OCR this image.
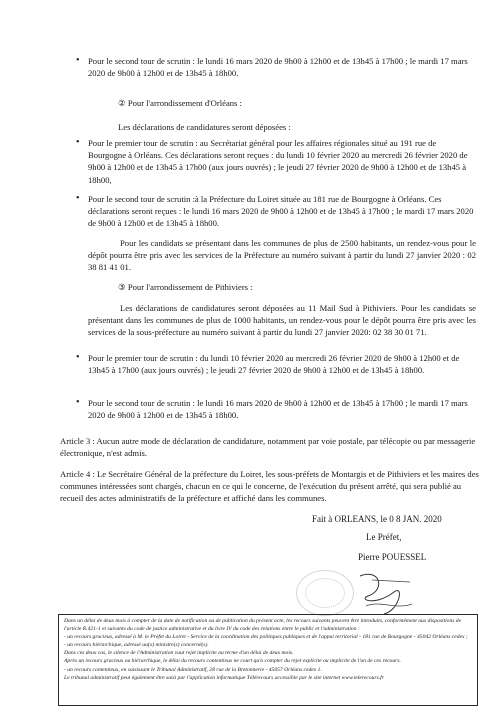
• Pour le second tour de scrutin : le lundi 16 mars 2020 de 9h00 à 12h00 et de 13h45 à 17h00 ; le mardi 17 mars 2020 de 9h00 à 12h00 et de 13h45 à 18h00.
② Pour l'arrondissement d'Orléans :
Les déclarations de candidatures seront déposées :
• Pour le premier tour de scrutin : au Secrétariat général pour les affaires régionales situé au 191 rue de Bourgogne à Orléans. Ces déclarations seront reçues : du lundi 10 février 2020 au mercredi 26 février 2020 de 9h00 à 12h00 et de 13h45 à 17h00 (aux jours ouvrés) ; le jeudi 27 février 2020 de 9h00 à 12h00 et de 13h45 à 18h00,
• Pour le second tour de scrutin :à la Préfecture du Loiret située au 181 rue de Bourgogne à Orléans. Ces déclarations seront reçues : le lundi 16 mars 2020 de 9h00 à 12h00 et de 13h45 à 17h00 ; le mardi 17 mars 2020 de 9h00 à 12h00 et de 13h45 à 18h00.
Pour les candidats se présentant dans les communes de plus de 2500 habitants, un rendez-vous pour le dépôt pourra être pris avec les services de la Préfecture au numéro suivant à partir du lundi 27 janvier 2020 : 02 38 81 41 01.
③ Pour l'arrondissement de Pithiviers :
Les déclarations de candidatures seront déposées au 11 Mail Sud à Pithiviers. Pour les candidats se présentant dans les communes de plus de 1000 habitants, un rendez-vous pour le dépôt pourra être pris avec les services de la sous-préfecture au numéro suivant à partir du lundi 27 janvier 2020: 02 38 30 01 71.
• Pour le premier tour de scrutin : du lundi 10 février 2020 au mercredi 26 février 2020 de 9h00 à 12h00 et de 13h45 à 17h00 (aux jours ouvrés) ; le jeudi 27 février 2020 de 9h00 à 12h00 et de 13h45 à 18h00.
• Pour le second tour de scrutin : le lundi 16 mars 2020 de 9h00 à 12h00 et de 13h45 à 17h00 ; le mardi 17 mars 2020 de 9h00 à 12h00 et de 13h45 à 18h00.
Article 3 : Aucun autre mode de déclaration de candidature, notamment par voie postale, par télécopie ou par messagerie électronique, n'est admis.
Article 4 : Le Secrétaire Général de la préfecture du Loiret, les sous-préfets de Montargis et de Pithiviers et les maires des communes intéressées sont chargés, chacun en ce qui le concerne, de l'exécution du présent arrêté, qui sera publié au recueil des actes administratifs de la préfecture et affiché dans les communes.
Fait à ORLEANS, le 0 8 JAN. 2020
Le Préfet,
Pierre POUESSEL

Dans un délai de deux mois à compter de la date de notification ou de publication du présent acte, les recours suivants peuvent être introduits, conformément aux dispositions de l'article R.421-1 et suivants du code de justice administrative et du livre IV du code des relations entre le public et l'administration :

- un recours gracieux, adressé à M. le Préfet du Loiret - Service de la coordination des politiques publiques et de l'appui territorial - 181 rue de Bourgogne - 45042 Orléans cedex ;

- un recours hiérarchique, adressé au(x) ministre(s) concerné(s).

Dans ces deux cas, le silence de l'Administration vaut rejet implicite au terme d'un délai de deux mois.

Après un recours gracieux ou hiérarchique, le délai du recours contentieux ne court qu'à compter du rejet explicite ou implicite de l'un de ces recours.

- un recours contentieux, en saisissant le Tribunal Administratif, 28 rue de la Bretonnerie - 45057 Orléans cedex 1.

Le tribunal administratif peut également être saisi par l'application informatique Télérecours accessible par le site internet www.telerecours.fr
